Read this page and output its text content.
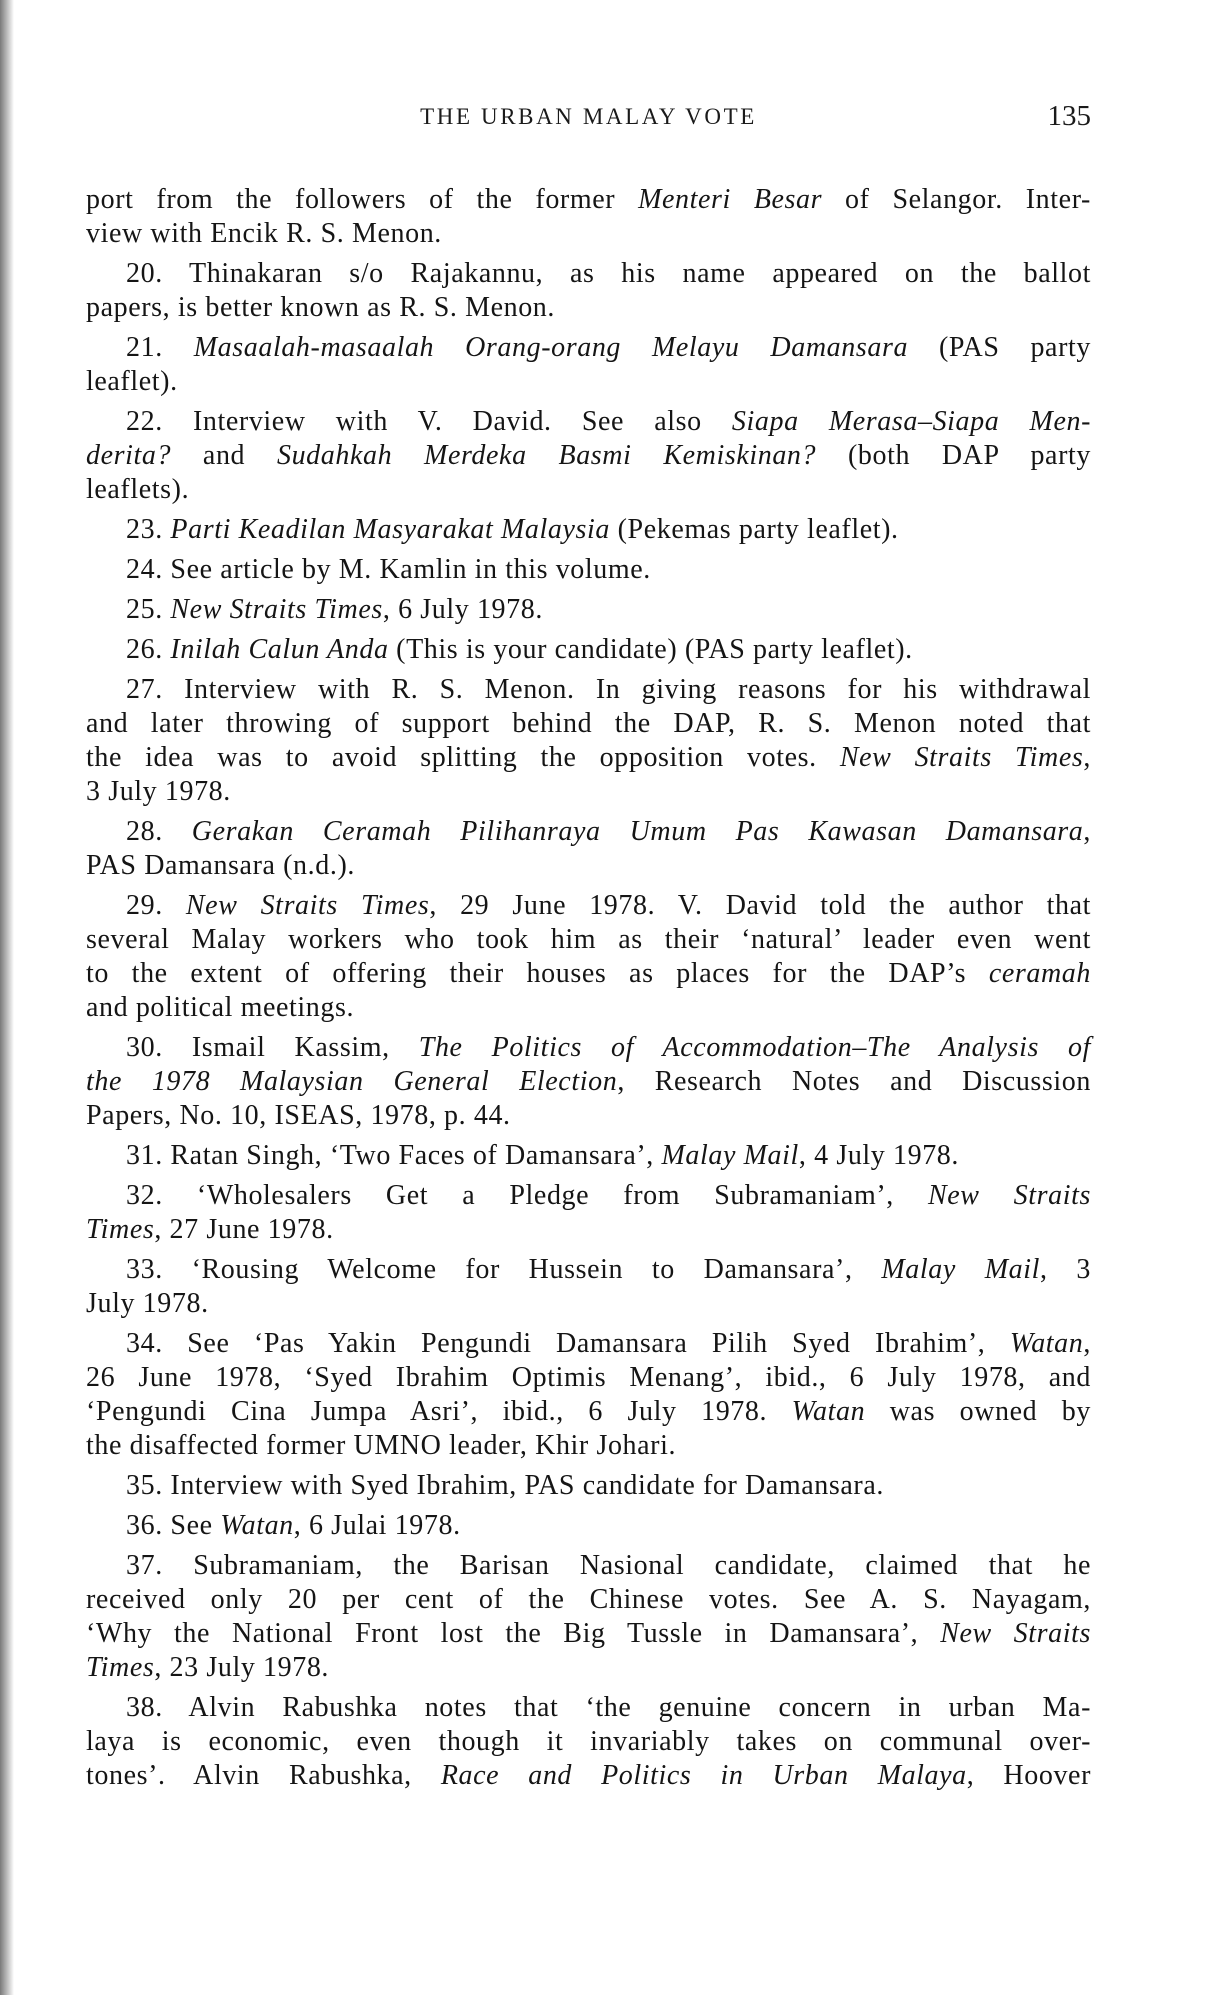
THE URBAN MALAY VOTE	135
port from the followers of the former Menteri Besar of Selangor. Inter-
view with Encik R. S. Menon.
20. Thinakaran s/o Rajakannu, as his name appeared on the ballot
papers, is better known as R. S. Menon.
21. Masaalah-masaalah Orang-orang Melayu Damansara (PAS party
leaflet).
22. Interview with V. David. See also Siapa Merasa–Siapa Men-
derita? and Sudahkah Merdeka Basmi Kemiskinan? (both DAP party
leaflets).
23. Parti Keadilan Masyarakat Malaysia (Pekemas party leaflet).
24. See article by M. Kamlin in this volume.
25. New Straits Times, 6 July 1978.
26. Inilah Calun Anda (This is your candidate) (PAS party leaflet).
27. Interview with R. S. Menon. In giving reasons for his withdrawal
and later throwing of support behind the DAP, R. S. Menon noted that
the idea was to avoid splitting the opposition votes. New Straits Times,
3 July 1978.
28. Gerakan Ceramah Pilihanraya Umum Pas Kawasan Damansara,
PAS Damansara (n.d.).
29. New Straits Times, 29 June 1978. V. David told the author that
several Malay workers who took him as their ‘natural’ leader even went
to the extent of offering their houses as places for the DAP’s ceramah
and political meetings.
30. Ismail Kassim, The Politics of Accommodation–The Analysis of
the 1978 Malaysian General Election, Research Notes and Discussion
Papers, No. 10, ISEAS, 1978, p. 44.
31. Ratan Singh, ‘Two Faces of Damansara’, Malay Mail, 4 July 1978.
32. ‘Wholesalers Get a Pledge from Subramaniam’, New Straits
Times, 27 June 1978.
33. ‘Rousing Welcome for Hussein to Damansara’, Malay Mail, 3
July 1978.
34. See ‘Pas Yakin Pengundi Damansara Pilih Syed Ibrahim’, Watan,
26 June 1978, ‘Syed Ibrahim Optimis Menang’, ibid., 6 July 1978, and
‘Pengundi Cina Jumpa Asri’, ibid., 6 July 1978. Watan was owned by
the disaffected former UMNO leader, Khir Johari.
35. Interview with Syed Ibrahim, PAS candidate for Damansara.
36. See Watan, 6 Julai 1978.
37. Subramaniam, the Barisan Nasional candidate, claimed that he
received only 20 per cent of the Chinese votes. See A. S. Nayagam,
‘Why the National Front lost the Big Tussle in Damansara’, New Straits
Times, 23 July 1978.
38. Alvin Rabushka notes that ‘the genuine concern in urban Ma-
laya is economic, even though it invariably takes on communal over-
tones’. Alvin Rabushka, Race and Politics in Urban Malaya, Hoover
